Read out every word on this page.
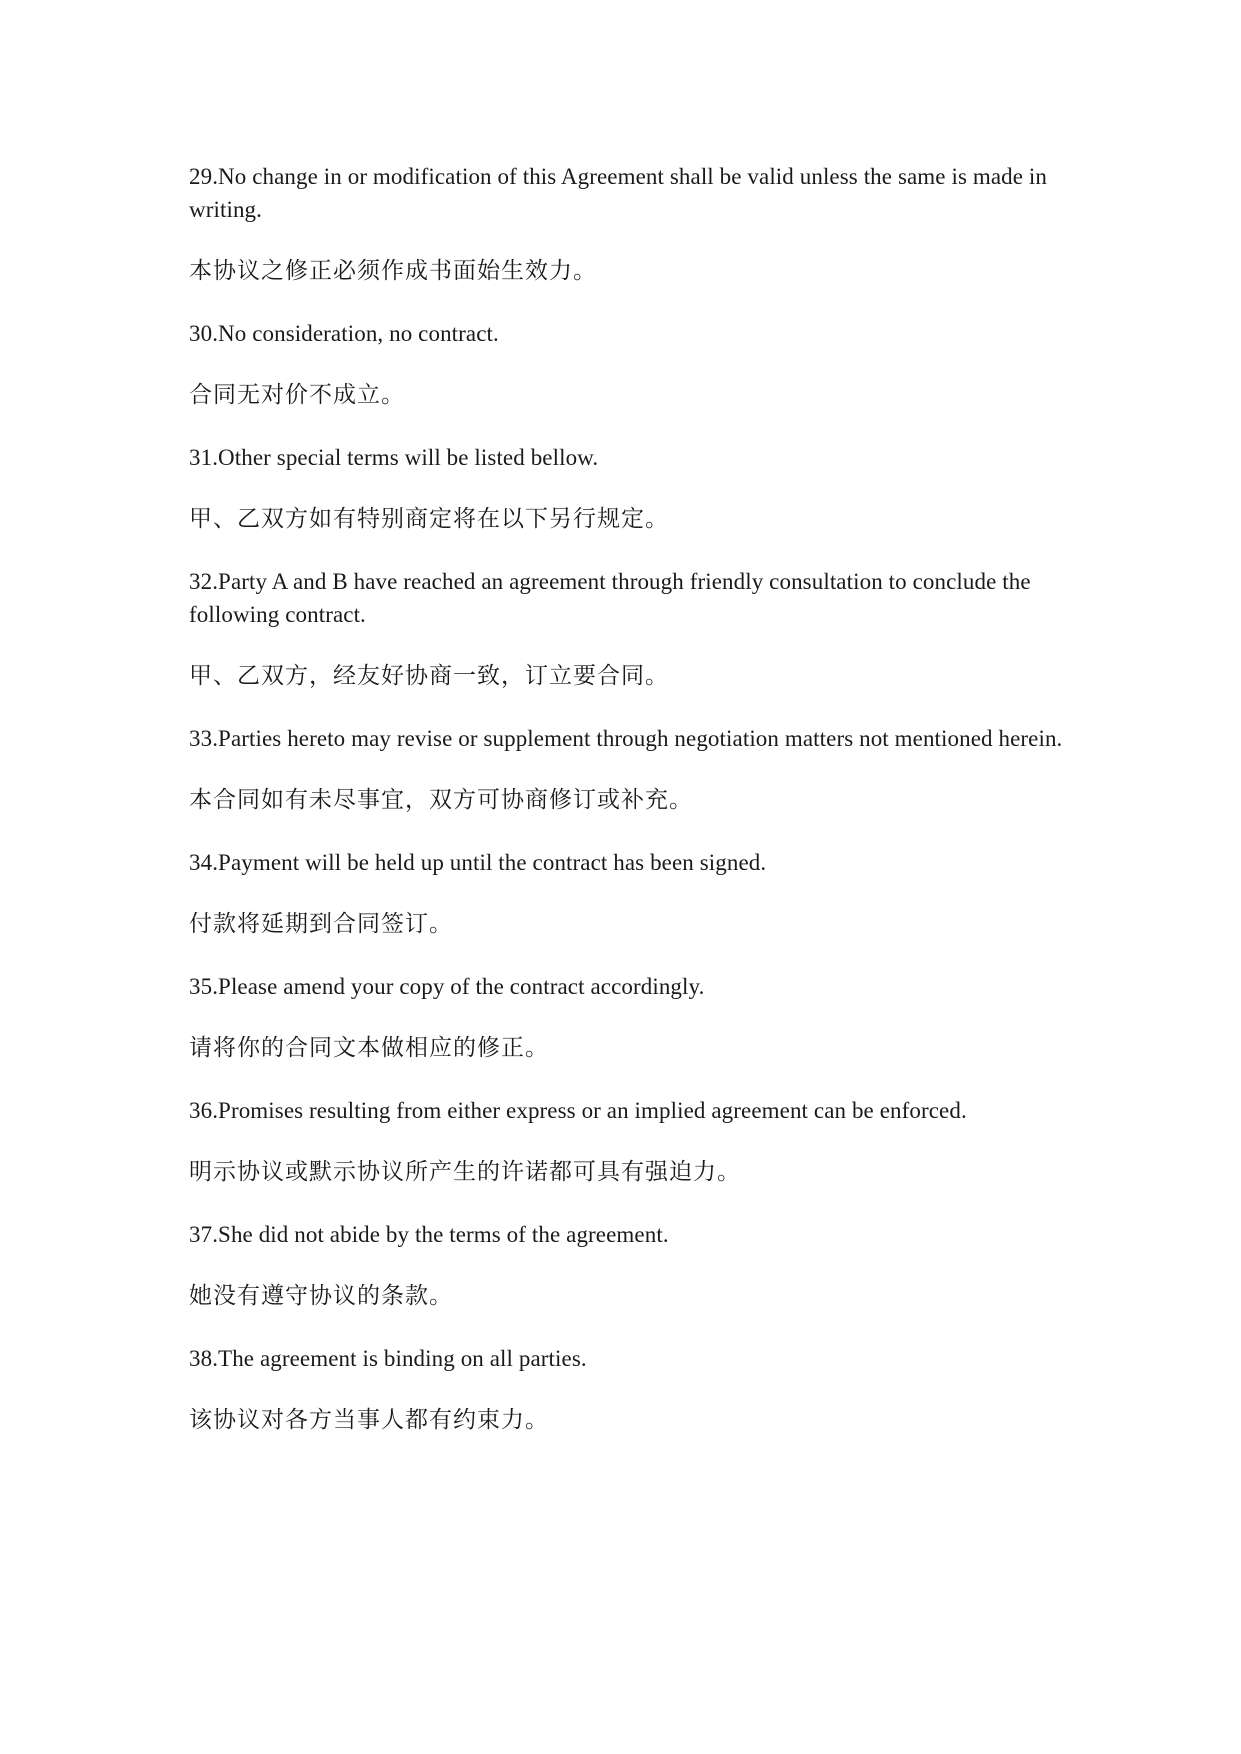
29.No change in or modification of this Agreement shall be valid unless the same is made in writing.

本协议之修正必须作成书面始生效力。

30.No consideration, no contract.

合同无对价不成立。

31.Other special terms will be listed bellow.

甲、乙双方如有特别商定将在以下另行规定。

32.Party A and B have reached an agreement through friendly consultation to conclude the following contract.

甲、乙双方，经友好协商一致，订立要合同。

33.Parties hereto may revise or supplement through negotiation matters not mentioned herein.

本合同如有未尽事宜，双方可协商修订或补充。

34.Payment will be held up until the contract has been signed.

付款将延期到合同签订。

35.Please amend your copy of the contract accordingly.

请将你的合同文本做相应的修正。

36.Promises resulting from either express or an implied agreement can be enforced.

明示协议或默示协议所产生的许诺都可具有强迫力。

37.She did not abide by the terms of the agreement.

她没有遵守协议的条款。

38.The agreement is binding on all parties.

该协议对各方当事人都有约束力。
